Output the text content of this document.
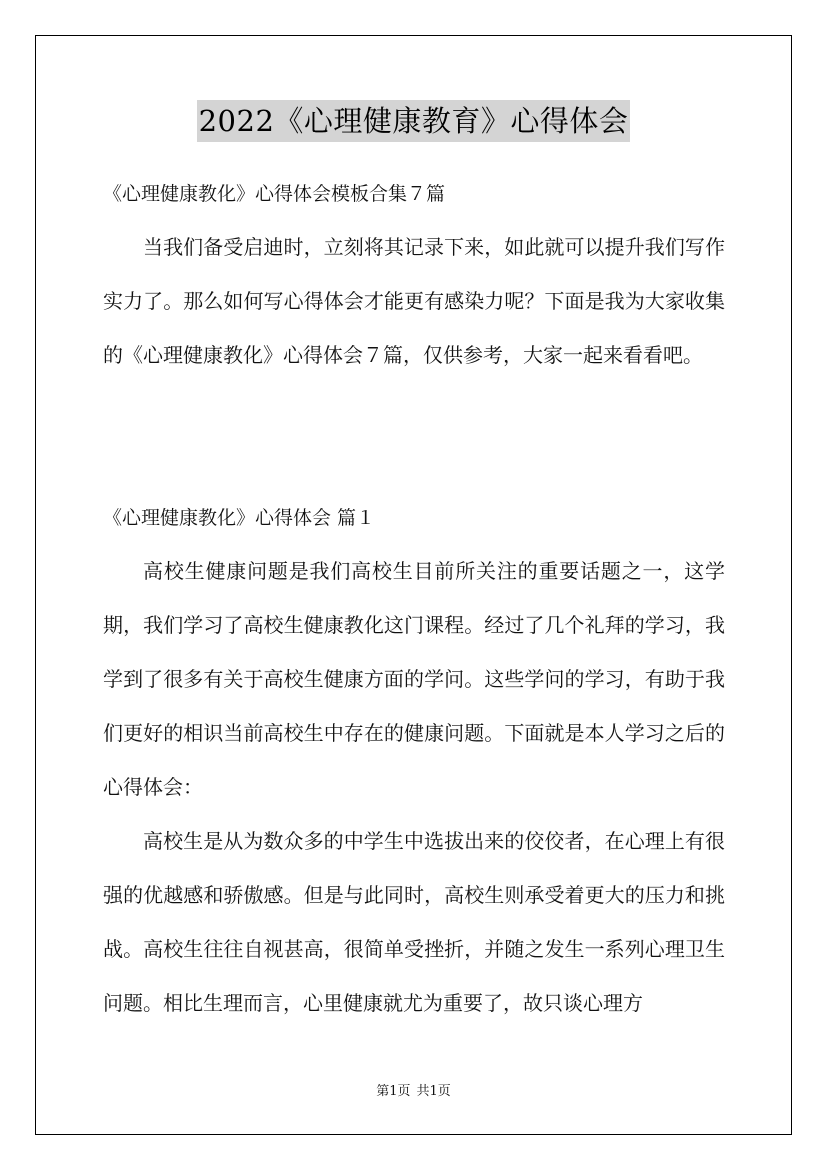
2022《心理健康教育》心得体会
《心理健康教化》心得体会模板合集７篇

当我们备受启迪时，立刻将其记录下来，如此就可以提升我们写作实力了。那么如何写心得体会才能更有感染力呢？下面是我为大家收集的《心理健康教化》心得体会７篇，仅供参考，大家一起来看看吧。

《心理健康教化》心得体会 篇１

高校生健康问题是我们高校生目前所关注的重要话题之一，这学期，我们学习了高校生健康教化这门课程。经过了几个礼拜的学习，我学到了很多有关于高校生健康方面的学问。这些学问的学习，有助于我们更好的相识当前高校生中存在的健康问题。下面就是本人学习之后的心得体会：

高校生是从为数众多的中学生中选拔出来的佼佼者，在心理上有很强的优越感和骄傲感。但是与此同时，高校生则承受着更大的压力和挑战。高校生往往自视甚高，很简单受挫折，并随之发生一系列心理卫生问题。相比生理而言，心里健康就尤为重要了，故只谈心理方

第1页 共1页
